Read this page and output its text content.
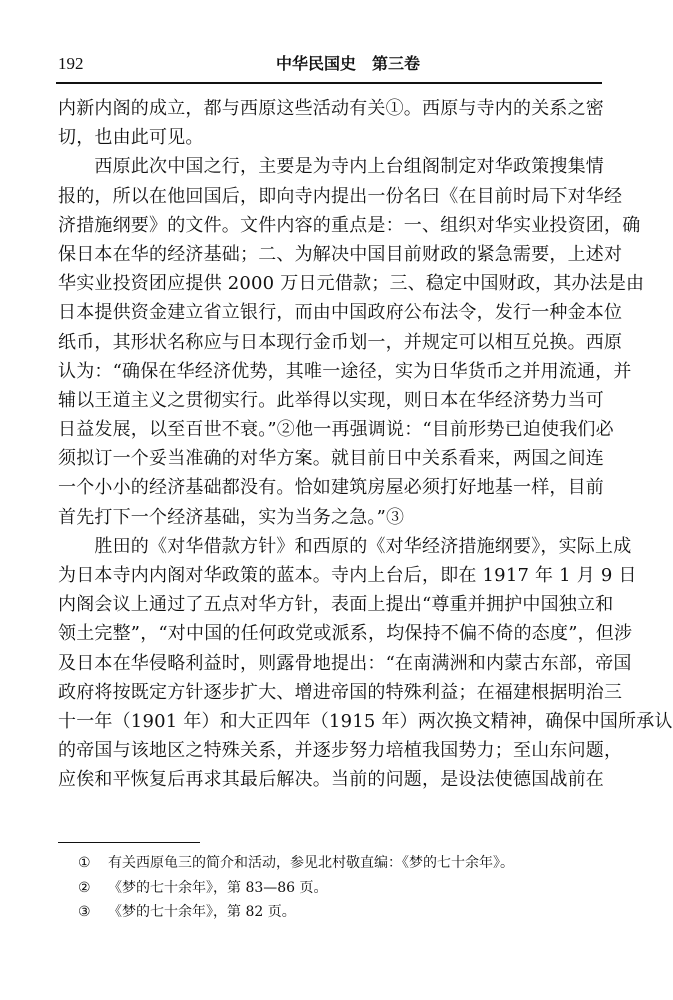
192	中华民国史　第三卷
内新内阁的成立，都与西原这些活动有关①。西原与寺内的关系之密
切，也由此可见。
　　西原此次中国之行，主要是为寺内上台组阁制定对华政策搜集情
报的，所以在他回国后，即向寺内提出一份名曰《在目前时局下对华经
济措施纲要》的文件。文件内容的重点是：一、组织对华实业投资团，确
保日本在华的经济基础；二、为解决中国目前财政的紧急需要，上述对
华实业投资团应提供 2000 万日元借款；三、稳定中国财政，其办法是由
日本提供资金建立省立银行，而由中国政府公布法令，发行一种金本位
纸币，其形状名称应与日本现行金币划一，并规定可以相互兑换。西原
认为：“确保在华经济优势，其唯一途径，实为日华货币之并用流通，并
辅以王道主义之贯彻实行。此举得以实现，则日本在华经济势力当可
日益发展，以至百世不衰。”②他一再强调说：“目前形势已迫使我们必
须拟订一个妥当准确的对华方案。就目前日中关系看来，两国之间连
一个小小的经济基础都没有。恰如建筑房屋必须打好地基一样，目前
首先打下一个经济基础，实为当务之急。”③
　　胜田的《对华借款方针》和西原的《对华经济措施纲要》，实际上成
为日本寺内内阁对华政策的蓝本。寺内上台后，即在 1917 年 1 月 9 日
内阁会议上通过了五点对华方针，表面上提出“尊重并拥护中国独立和
领土完整”，“对中国的任何政党或派系，均保持不偏不倚的态度”，但涉
及日本在华侵略利益时，则露骨地提出：“在南满洲和内蒙古东部，帝国
政府将按既定方针逐步扩大、增进帝国的特殊利益；在福建根据明治三
十一年（1901 年）和大正四年（1915 年）两次换文精神，确保中国所承认
的帝国与该地区之特殊关系，并逐步努力培植我国势力；至山东问题，
应俟和平恢复后再求其最后解决。当前的问题，是设法使德国战前在
① 有关西原龟三的简介和活动，参见北村敬直编：《梦的七十余年》。
② 《梦的七十余年》，第 83—86 页。
③ 《梦的七十余年》，第 82 页。
